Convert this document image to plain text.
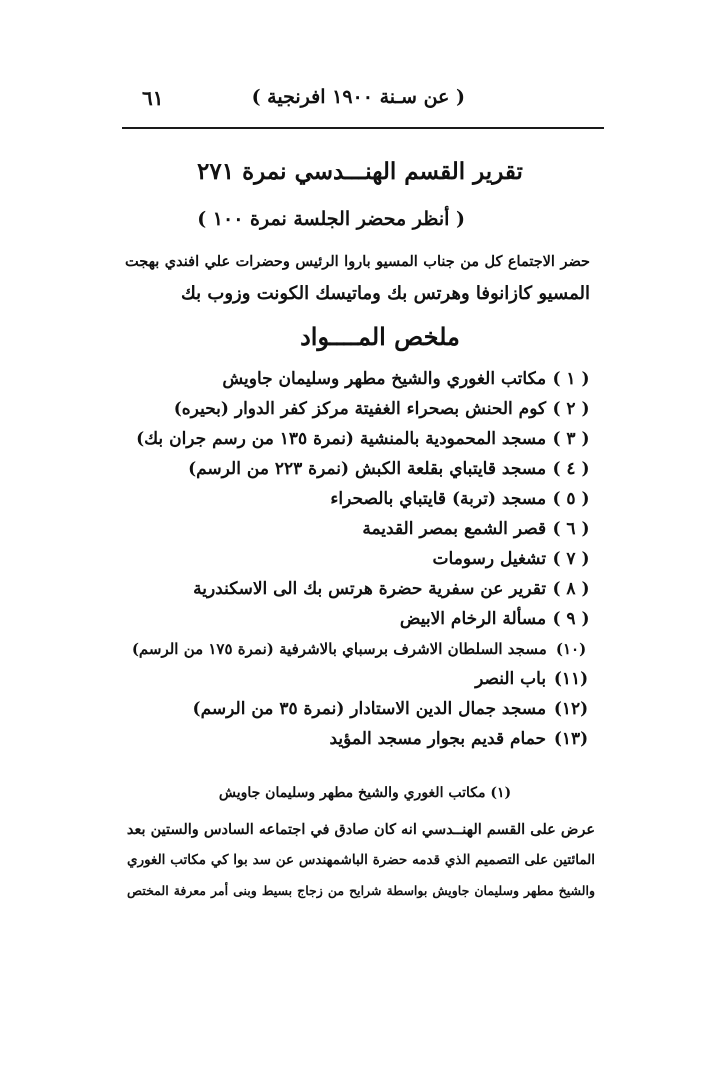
( عن سـنة ١٩٠٠ افرنجية )
٦١
تقرير القسم الهنـــدسي نمرة ٢٧١
( أنظر محضر الجلسة نمرة ١٠٠ )
حضر الاجتماع كل من جناب المسيو باروا الرئيس وحضرات علي افندي بهجت
المسيو كازانوفا وهرتس بك وماتيسك الكونت وزوب بك
ملخص المــــواد
( ١ ) مكاتب الغوري والشيخ مطهر وسليمان جاويش
( ٢ ) كوم الحنش بصحراء الغفيتة مركز كفر الدوار (بحيره)
( ٣ ) مسجد المحمودية بالمنشية (نمرة ١٣٥ من رسم جران بك)
( ٤ ) مسجد قايتباي بقلعة الكبش (نمرة ٢٢٣ من الرسم)
( ٥ ) مسجد (تربة) قايتباي بالصحراء
( ٦ ) قصر الشمع بمصر القديمة
( ٧ ) تشغيل رسومات
( ٨ ) تقرير عن سفرية حضرة هرتس بك الى الاسكندرية
( ٩ ) مسألة الرخام الابيض
(١٠) مسجد السلطان الاشرف برسباي بالاشرفية (نمرة ١٧٥ من الرسم)
(١١) باب النصر
(١٢) مسجد جمال الدين الاستادار (نمرة ٣٥ من الرسم)
(١٣) حمام قديم بجوار مسجد المؤيد
(١) مكاتب الغوري والشيخ مطهر وسليمان جاويش
عرض على القسم الهنــدسي انه كان صادق في اجتماعه السادس والستين بعد
المائتين على التصميم الذي قدمه حضرة الباشمهندس عن سد بوا كي مكاتب الغوري
والشيخ مطهر وسليمان جاويش بواسطة شرايح من زجاج بسيط وبنى أمر معرفة المختص
